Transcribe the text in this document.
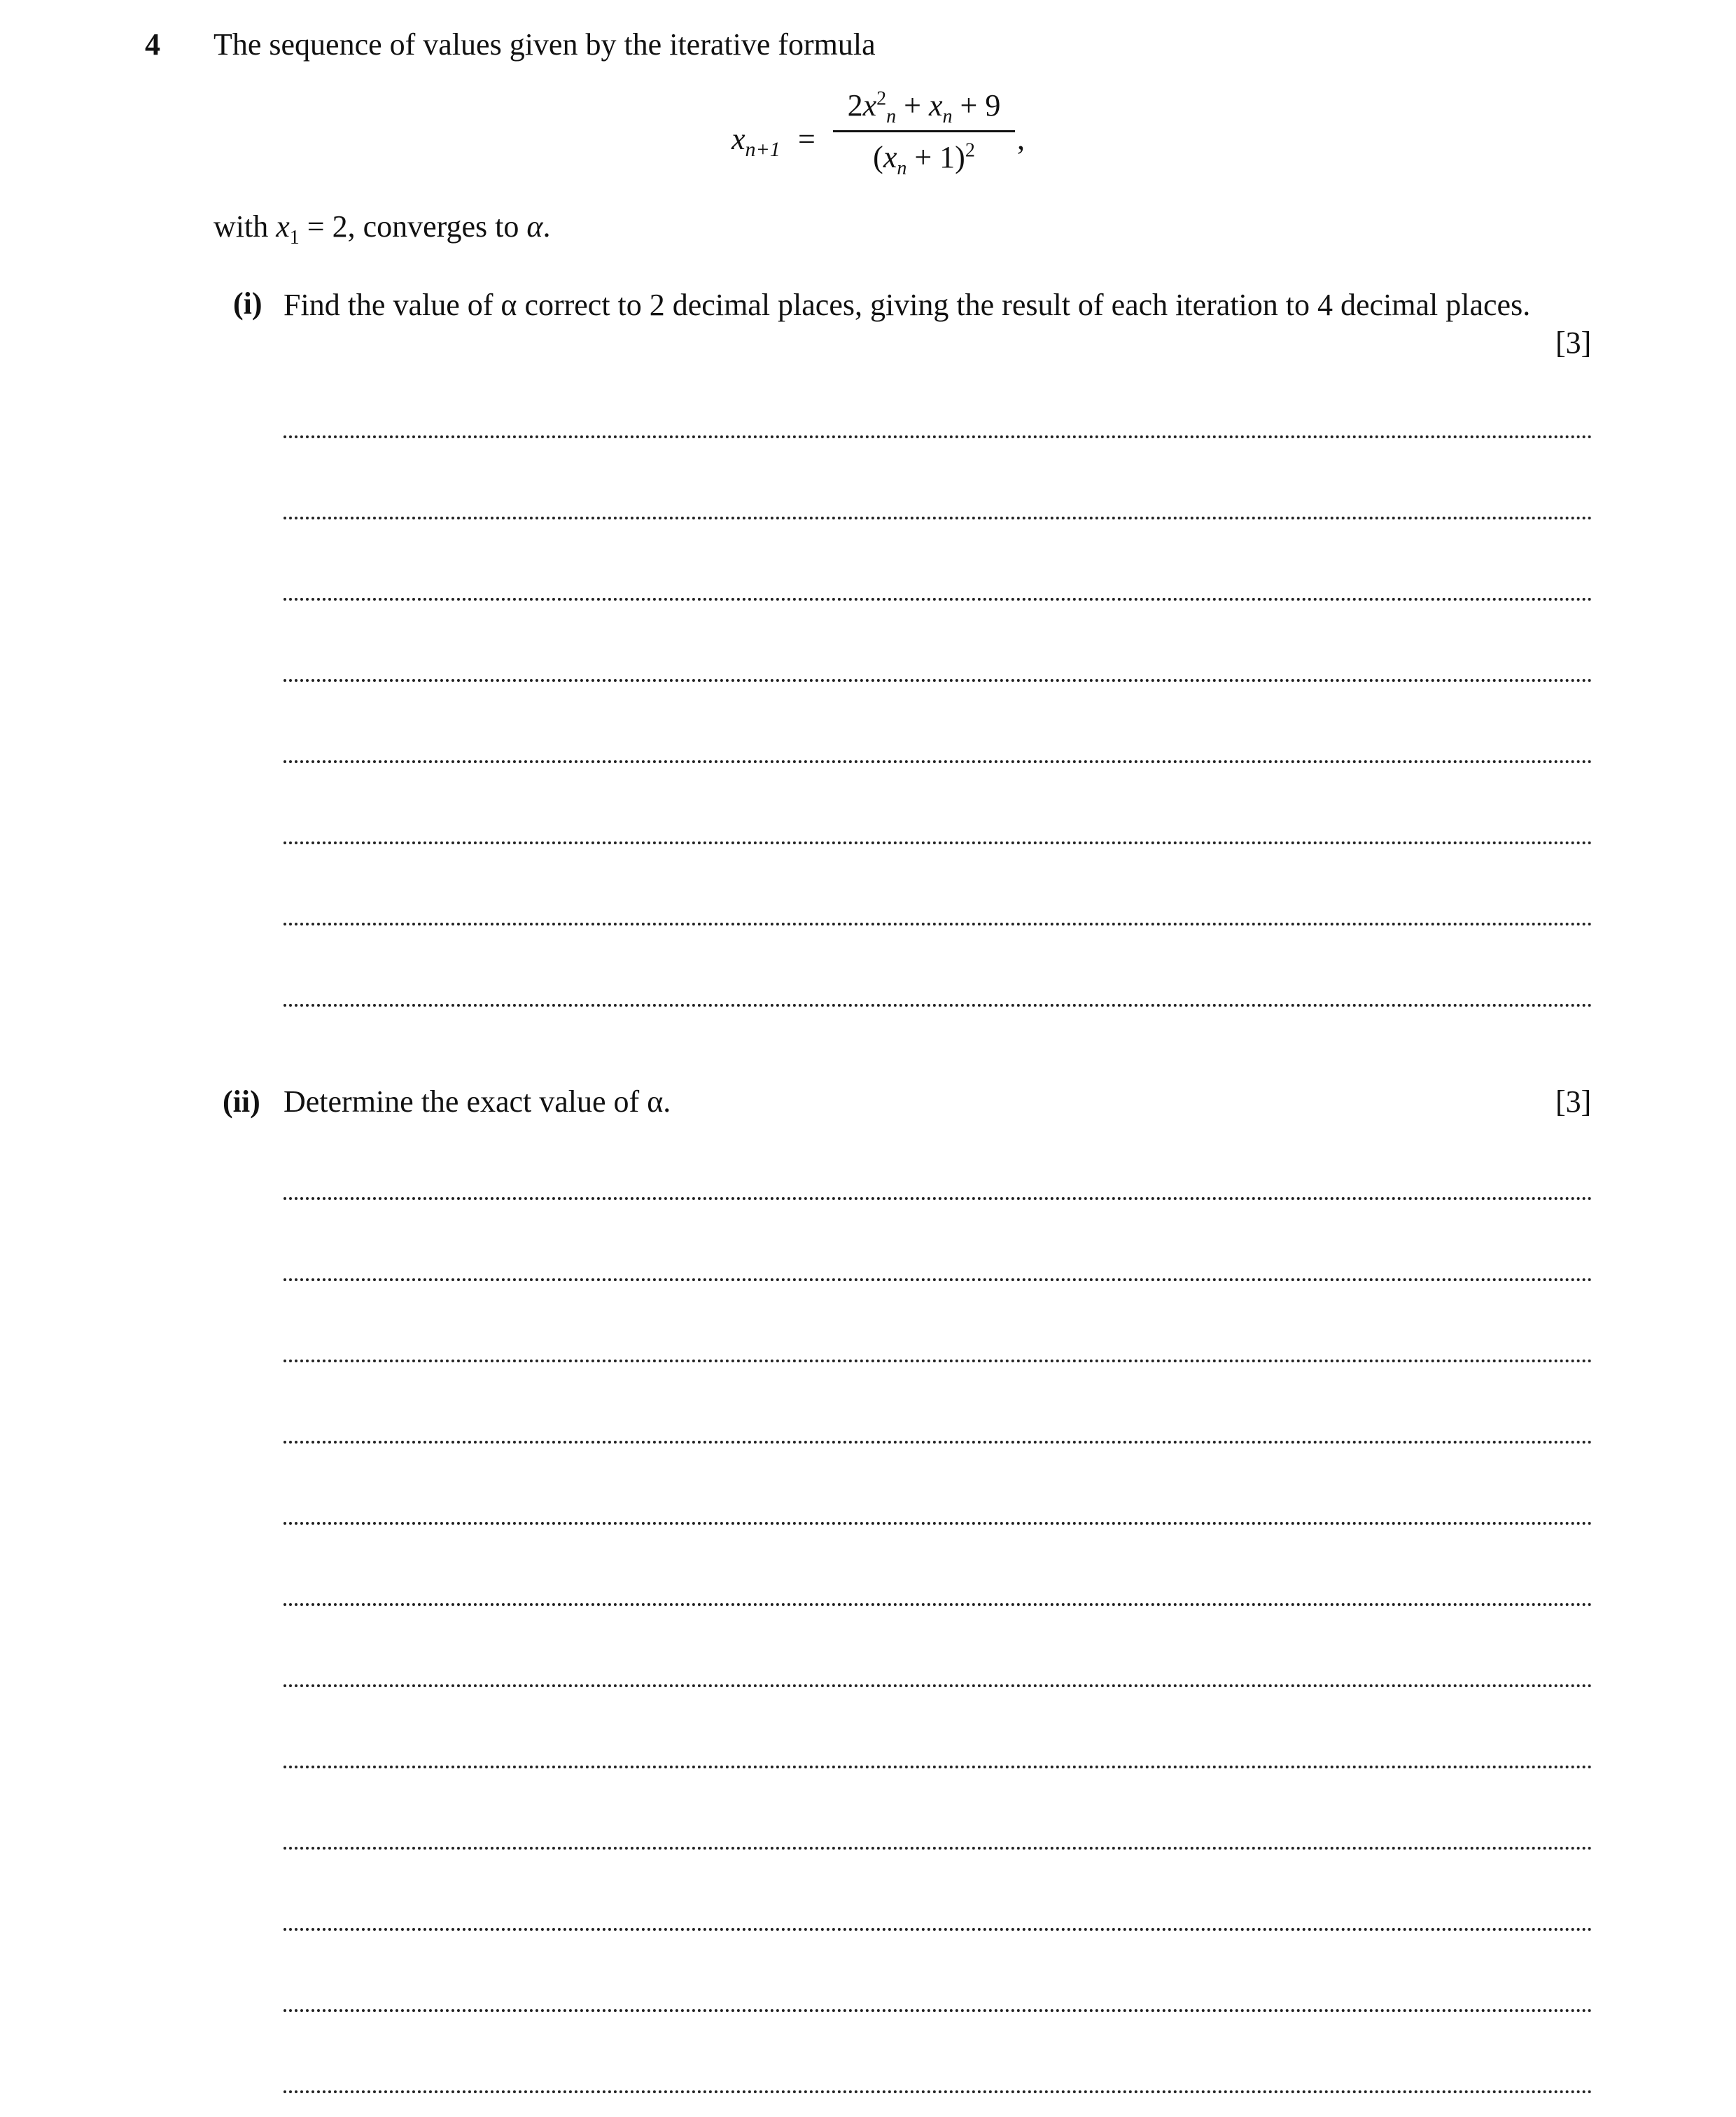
4 The sequence of values given by the iterative formula
$x_{n+1}$ =
$2x^2_n + x_n + 9$
$(x_n + 1)^2$	,
with $x_1 = 2$, converges to α.
(i) Find the value of α correct to 2 decimal places, giving the result of each iteration to 4 decimal places.
[3]
(ii) Determine the exact value of α.	[3]
